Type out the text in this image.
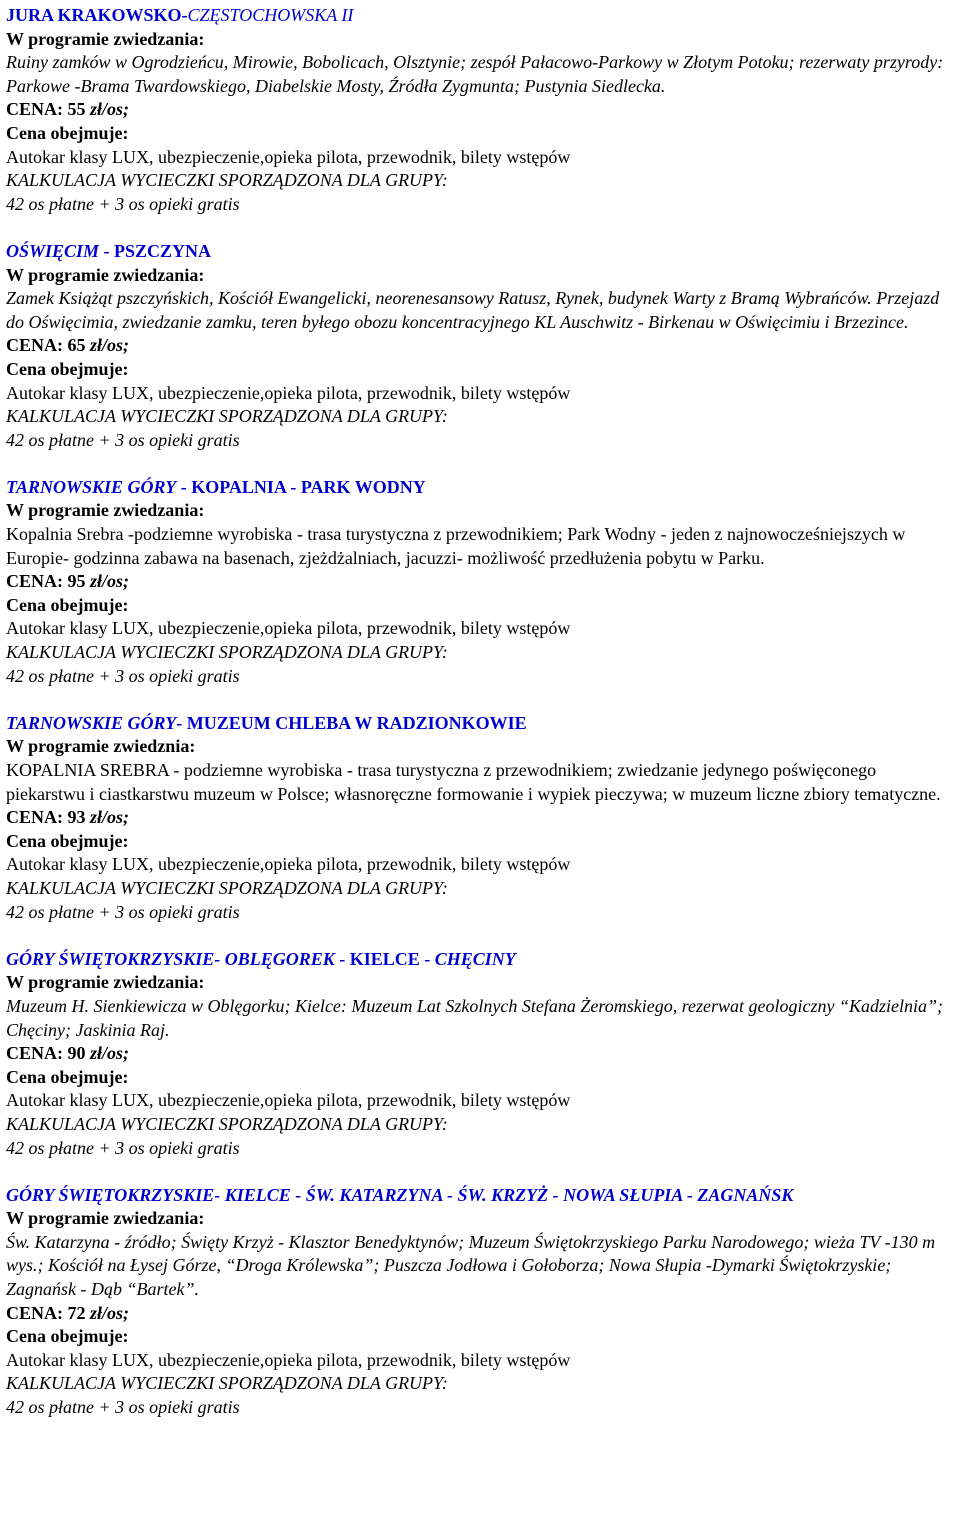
JURA KRAKOWSKO-CZĘSTOCHOWSKA II
W programie zwiedzania:
Ruiny zamków w Ogrodzieńcu, Mirowie, Bobolicach, Olsztynie; zespół Pałacowo-Parkowy w Złotym Potoku; rezerwaty przyrody: Parkowe -Brama Twardowskiego, Diabelskie Mosty, Źródła Zygmunta; Pustynia Siedlecka.
CENA: 55 zł/os;
Cena obejmuje:
Autokar klasy LUX, ubezpieczenie,opieka pilota, przewodnik, bilety wstępów
KALKULACJA WYCIECZKI SPORZĄDZONA DLA GRUPY:
42 os płatne + 3 os opieki gratis
OŚWIĘCIM - PSZCZYNA
W programie zwiedzania:
Zamek Książąt pszczyńskich, Kościół Ewangelicki, neorenesansowy Ratusz, Rynek, budynek Warty z Bramą Wybrańców. Przejazd do Oświęcimia, zwiedzanie zamku, teren byłego obozu koncentracyjnego KL Auschwitz - Birkenau w Oświęcimiu i Brzezince.
CENA: 65 zł/os;
Cena obejmuje:
Autokar klasy LUX, ubezpieczenie,opieka pilota, przewodnik, bilety wstępów
KALKULACJA WYCIECZKI SPORZĄDZONA DLA GRUPY:
42 os płatne + 3 os opieki gratis
TARNOWSKIE GÓRY - KOPALNIA - PARK WODNY
W programie zwiedzania:
Kopalnia Srebra -podziemne wyrobiska - trasa turystyczna z przewodnikiem; Park Wodny - jeden z najnowocześniejszych w Europie- godzinna zabawa na basenach, zjeżdżalniach, jacuzzi- możliwość przedłużenia pobytu w Parku.
CENA: 95 zł/os;
Cena obejmuje:
Autokar klasy LUX, ubezpieczenie,opieka pilota, przewodnik, bilety wstępów
KALKULACJA WYCIECZKI SPORZĄDZONA DLA GRUPY:
42 os płatne + 3 os opieki gratis
TARNOWSKIE GÓRY- MUZEUM CHLEBA W RADZIONKOWIE
W programie zwiedznia:
KOPALNIA SREBRA - podziemne wyrobiska - trasa turystyczna z przewodnikiem; zwiedzanie jedynego poświęconego piekarstwu i ciastkarstwu muzeum w Polsce; własnoręczne formowanie i wypiek pieczywa; w muzeum liczne zbiory tematyczne.
CENA: 93 zł/os;
Cena obejmuje:
Autokar klasy LUX, ubezpieczenie,opieka pilota, przewodnik, bilety wstępów
KALKULACJA WYCIECZKI SPORZĄDZONA DLA GRUPY:
42 os płatne + 3 os opieki gratis
GÓRY ŚWIĘTOKRZYSKIE- OBLĘGOREK - KIELCE - CHĘCINY
W programie zwiedzania:
Muzeum H. Sienkiewicza w Oblęgorku; Kielce: Muzeum Lat Szkolnych Stefana Żeromskiego, rezerwat geologiczny “Kadzielnia”; Chęciny; Jaskinia Raj.
CENA: 90 zł/os;
Cena obejmuje:
Autokar klasy LUX, ubezpieczenie,opieka pilota, przewodnik, bilety wstępów
KALKULACJA WYCIECZKI SPORZĄDZONA DLA GRUPY:
42 os płatne + 3 os opieki gratis
GÓRY ŚWIĘTOKRZYSKIE- KIELCE - ŚW. KATARZYNA - ŚW. KRZYŻ - NOWA SŁUPIA - ZAGNAŃSK
W programie zwiedzania:
Św. Katarzyna - źródło; Święty Krzyż - Klasztor Benedyktynów; Muzeum Świętokrzyskiego Parku Narodowego; wieża TV -130 m wys.; Kościół na Łysej Górze, “Droga Królewska”; Puszcza Jodłowa i Gołoborza; Nowa Słupia -Dymarki Świętokrzyskie; Zagnańsk - Dąb “Bartek”.
CENA: 72 zł/os;
Cena obejmuje:
Autokar klasy LUX, ubezpieczenie,opieka pilota, przewodnik, bilety wstępów
KALKULACJA WYCIECZKI SPORZĄDZONA DLA GRUPY:
42 os płatne + 3 os opieki gratis
